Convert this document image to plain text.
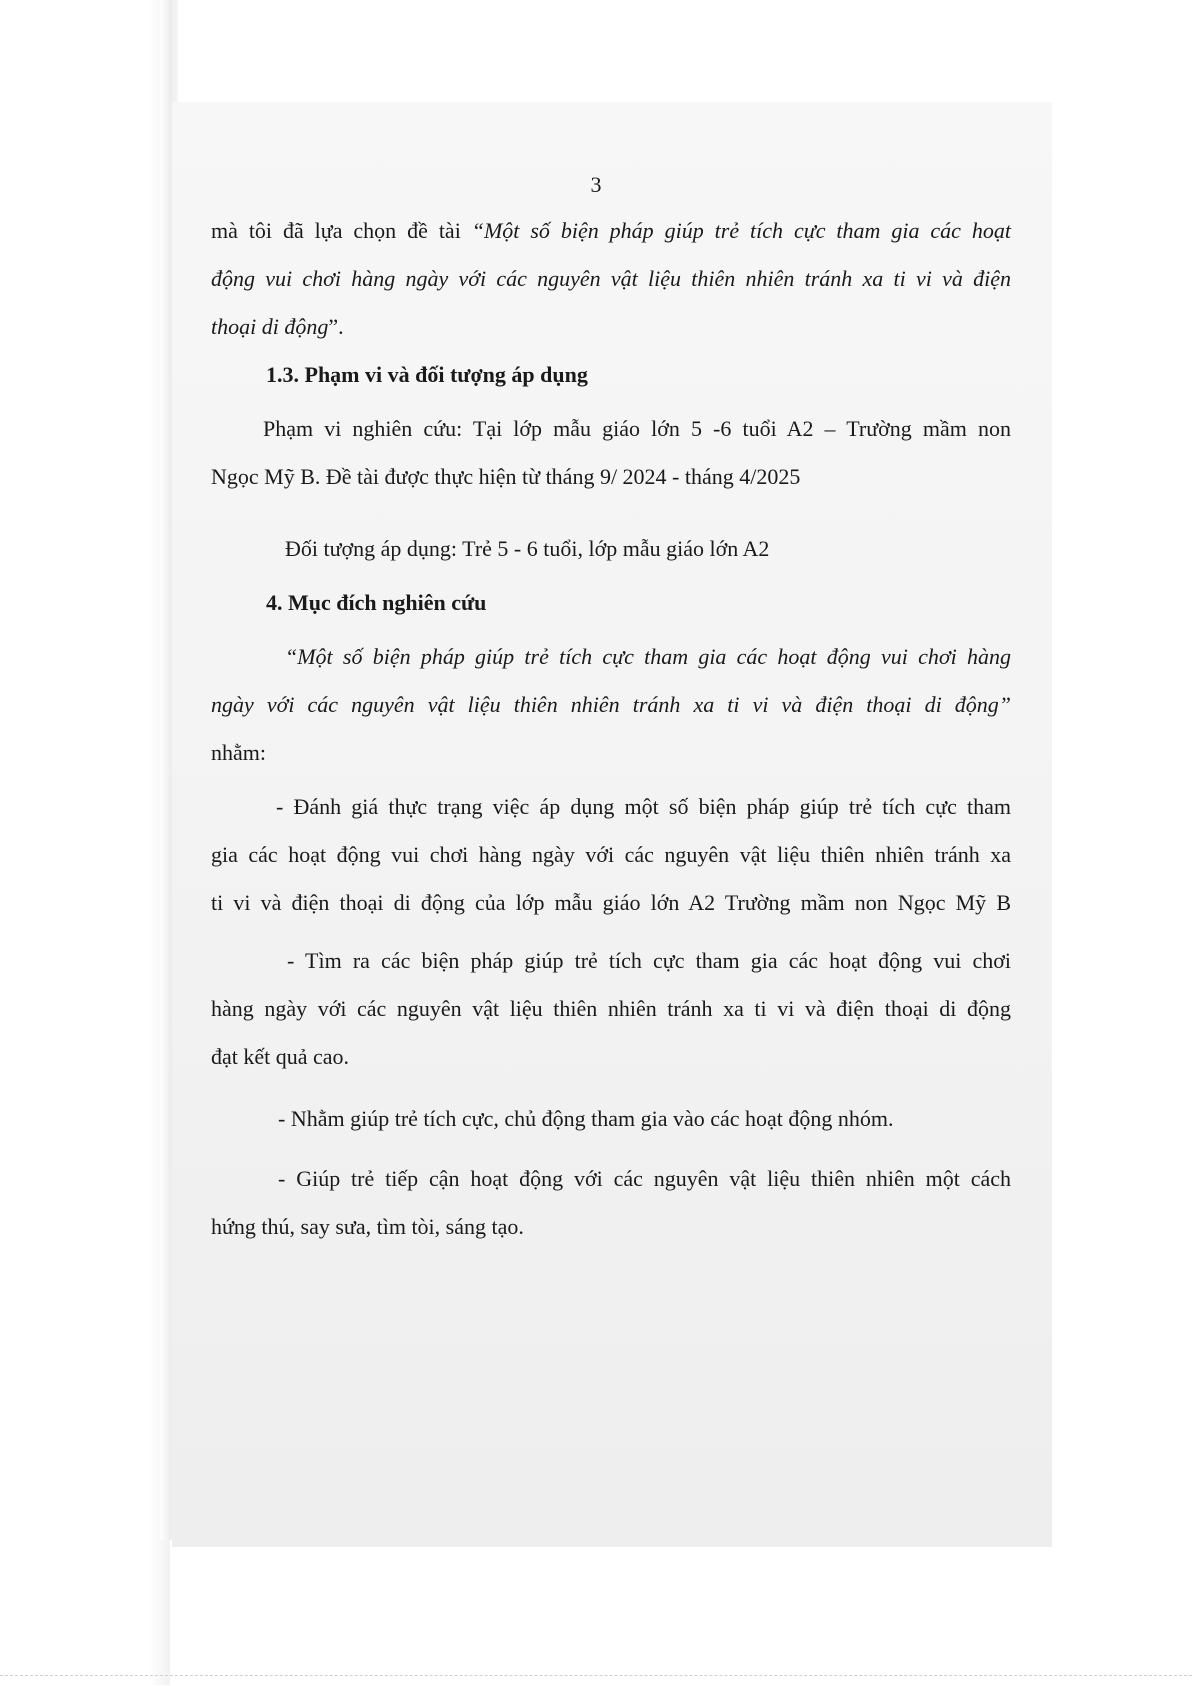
3
mà tôi đã lựa chọn đề tài “Một số biện pháp giúp trẻ tích cực tham gia các hoạt
động vui chơi hàng ngày với các nguyên vật liệu thiên nhiên tránh xa ti vi và điện
thoại di động”.
1.3. Phạm vi và đối tượng áp dụng
Phạm vi nghiên cứu: Tại lớp mẫu giáo lớn 5 -6 tuổi A2 – Trường mầm non
Ngọc Mỹ B. Đề tài được thực hiện từ tháng 9/ 2024 - tháng 4/2025
Đối tượng áp dụng: Trẻ 5 - 6 tuổi, lớp mẫu giáo lớn A2
4. Mục đích nghiên cứu
“Một số biện pháp giúp trẻ tích cực tham gia các hoạt động vui chơi hàng
ngày với các nguyên vật liệu thiên nhiên tránh xa ti vi và điện thoại di động”
nhằm:
- Đánh giá thực trạng việc áp dụng một số biện pháp giúp trẻ tích cực tham
gia các hoạt động vui chơi hàng ngày với các nguyên vật liệu thiên nhiên tránh xa
ti vi và điện thoại di động của lớp mẫu giáo lớn A2 Trường mầm non Ngọc Mỹ B
- Tìm ra các biện pháp giúp trẻ tích cực tham gia các hoạt động vui chơi
hàng ngày với các nguyên vật liệu thiên nhiên tránh xa ti vi và điện thoại di động
đạt kết quả cao.
- Nhằm giúp trẻ tích cực, chủ động tham gia vào các hoạt động nhóm.
- Giúp trẻ tiếp cận hoạt động với các nguyên vật liệu thiên nhiên một cách
hứng thú, say sưa, tìm tòi, sáng tạo.
